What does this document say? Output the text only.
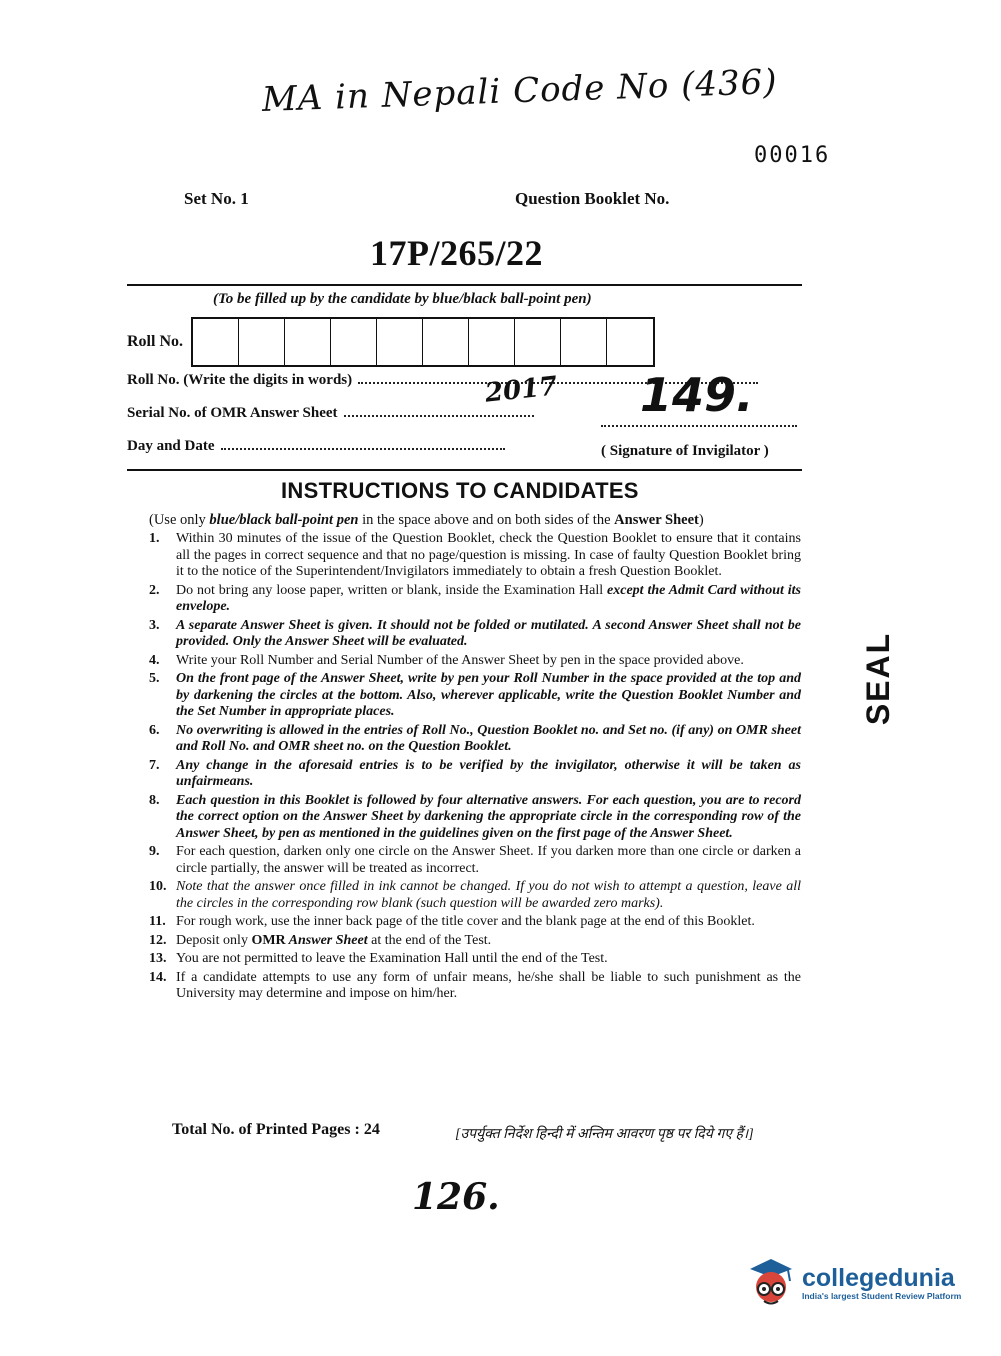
MA in Nepali Code No (436)
00016
Set No. 1	Question Booklet No.
17P/265/22
(To be filled up by the candidate by blue/black ball-point pen)
Roll No.
Roll No. (Write the digits in words)
Serial No. of OMR Answer Sheet
Day and Date
2017 149.
( Signature of Invigilator )
INSTRUCTIONS TO CANDIDATES
(Use only blue/black ball-point pen in the space above and on both sides of the Answer Sheet)
1.	Within 30 minutes of the issue of the Question Booklet, check the Question Booklet to ensure that it contains all the pages in correct sequence and that no page/question is missing. In case of faulty Question Booklet bring it to the notice of the Superintendent/Invigilators immediately to obtain a fresh Question Booklet.
2.	Do not bring any loose paper, written or blank, inside the Examination Hall except the Admit Card without its envelope.
3.	A separate Answer Sheet is given. It should not be folded or mutilated. A second Answer Sheet shall not be provided. Only the Answer Sheet will be evaluated.
4.	Write your Roll Number and Serial Number of the Answer Sheet by pen in the space provided above.
5.	On the front page of the Answer Sheet, write by pen your Roll Number in the space provided at the top and by darkening the circles at the bottom. Also, wherever applicable, write the Question Booklet Number and the Set Number in appropriate places.
6.	No overwriting is allowed in the entries of Roll No., Question Booklet no. and Set no. (if any) on OMR sheet and Roll No. and OMR sheet no. on the Question Booklet.
7.	Any change in the aforesaid entries is to be verified by the invigilator, otherwise it will be taken as unfairmeans.
8.	Each question in this Booklet is followed by four alternative answers. For each question, you are to record the correct option on the Answer Sheet by darkening the appropriate circle in the corresponding row of the Answer Sheet, by pen as mentioned in the guidelines given on the first page of the Answer Sheet.
9.	For each question, darken only one circle on the Answer Sheet. If you darken more than one circle or darken a circle partially, the answer will be treated as incorrect.
10. Note that the answer once filled in ink cannot be changed. If you do not wish to attempt a question, leave all the circles in the corresponding row blank (such question will be awarded zero marks).
11. For rough work, use the inner back page of the title cover and the blank page at the end of this Booklet.
12. Deposit only OMR Answer Sheet at the end of the Test.
13. You are not permitted to leave the Examination Hall until the end of the Test.
14. If a candidate attempts to use any form of unfair means, he/she shall be liable to such punishment as the University may determine and impose on him/her.
Total No. of Printed Pages : 24	[उपर्युक्त निर्देश हिन्दी में अन्तिम आवरण पृष्ठ पर दिये गए हैं।]
126.
SEAL
collegedunia
India's largest Student Review Platform
